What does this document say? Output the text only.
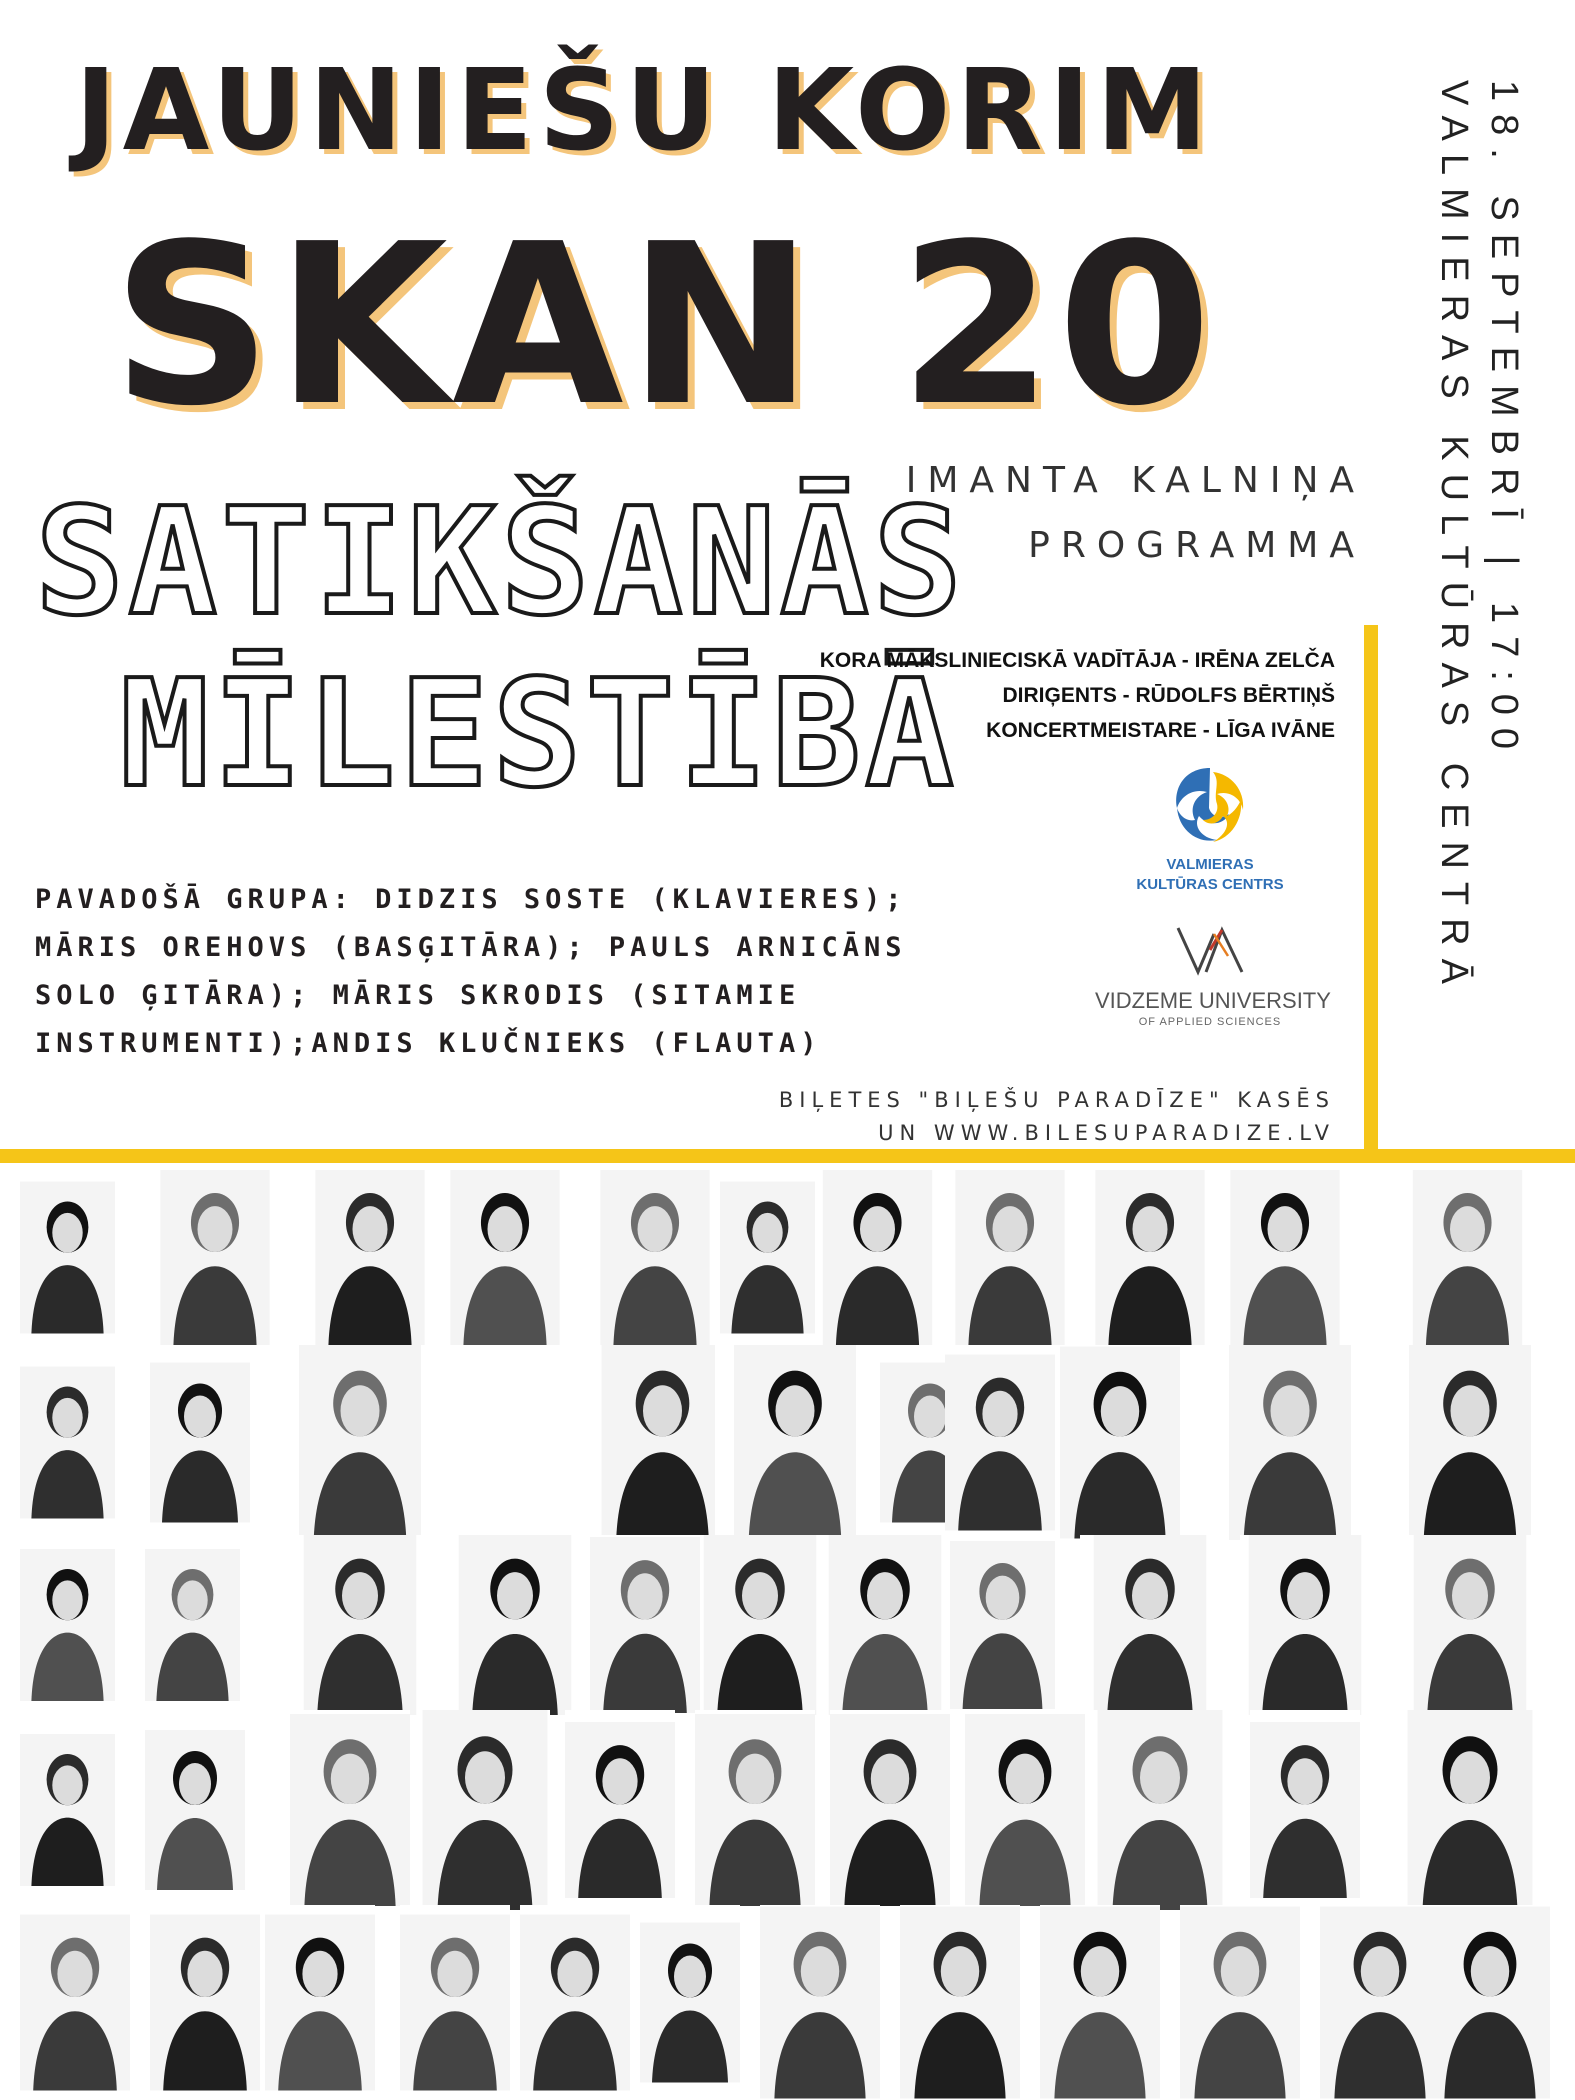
JAUNIEŠU KORIM
SKAN 20
SATIKŠANĀS
MĪLESTĪBĀ
IMANTA KALNIŅA
PROGRAMMA
KORA MĀKSLINIECISKĀ VADĪTĀJA - IRĒNA ZELČA
DIRIĢENTS - RŪDOLFS BĒRTIŅŠ
KONCERTMEISTARE - LĪGA IVĀNE
VALMIERAS
KULTŪRAS CENTRS
VIDZEME UNIVERSITY
OF APPLIED SCIENCES
PAVADOŠĀ GRUPA: DIDZIS SOSTE (KLAVIERES);
MĀRIS OREHOVS (BASĢITĀRA); PAULS ARNICĀNS
SOLO ĢITĀRA); MĀRIS SKRODIS (SITAMIE
INSTRUMENTI);ANDIS KLUČNIEKS (FLAUTA)
BIĻETES "BIĻEŠU PARADĪZE" KASĒS
UN WWW.BILESUPARADIZE.LV
18. SEPTEMBRĪ | 17:00
VALMIERAS KULTŪRAS CENTRĀ
